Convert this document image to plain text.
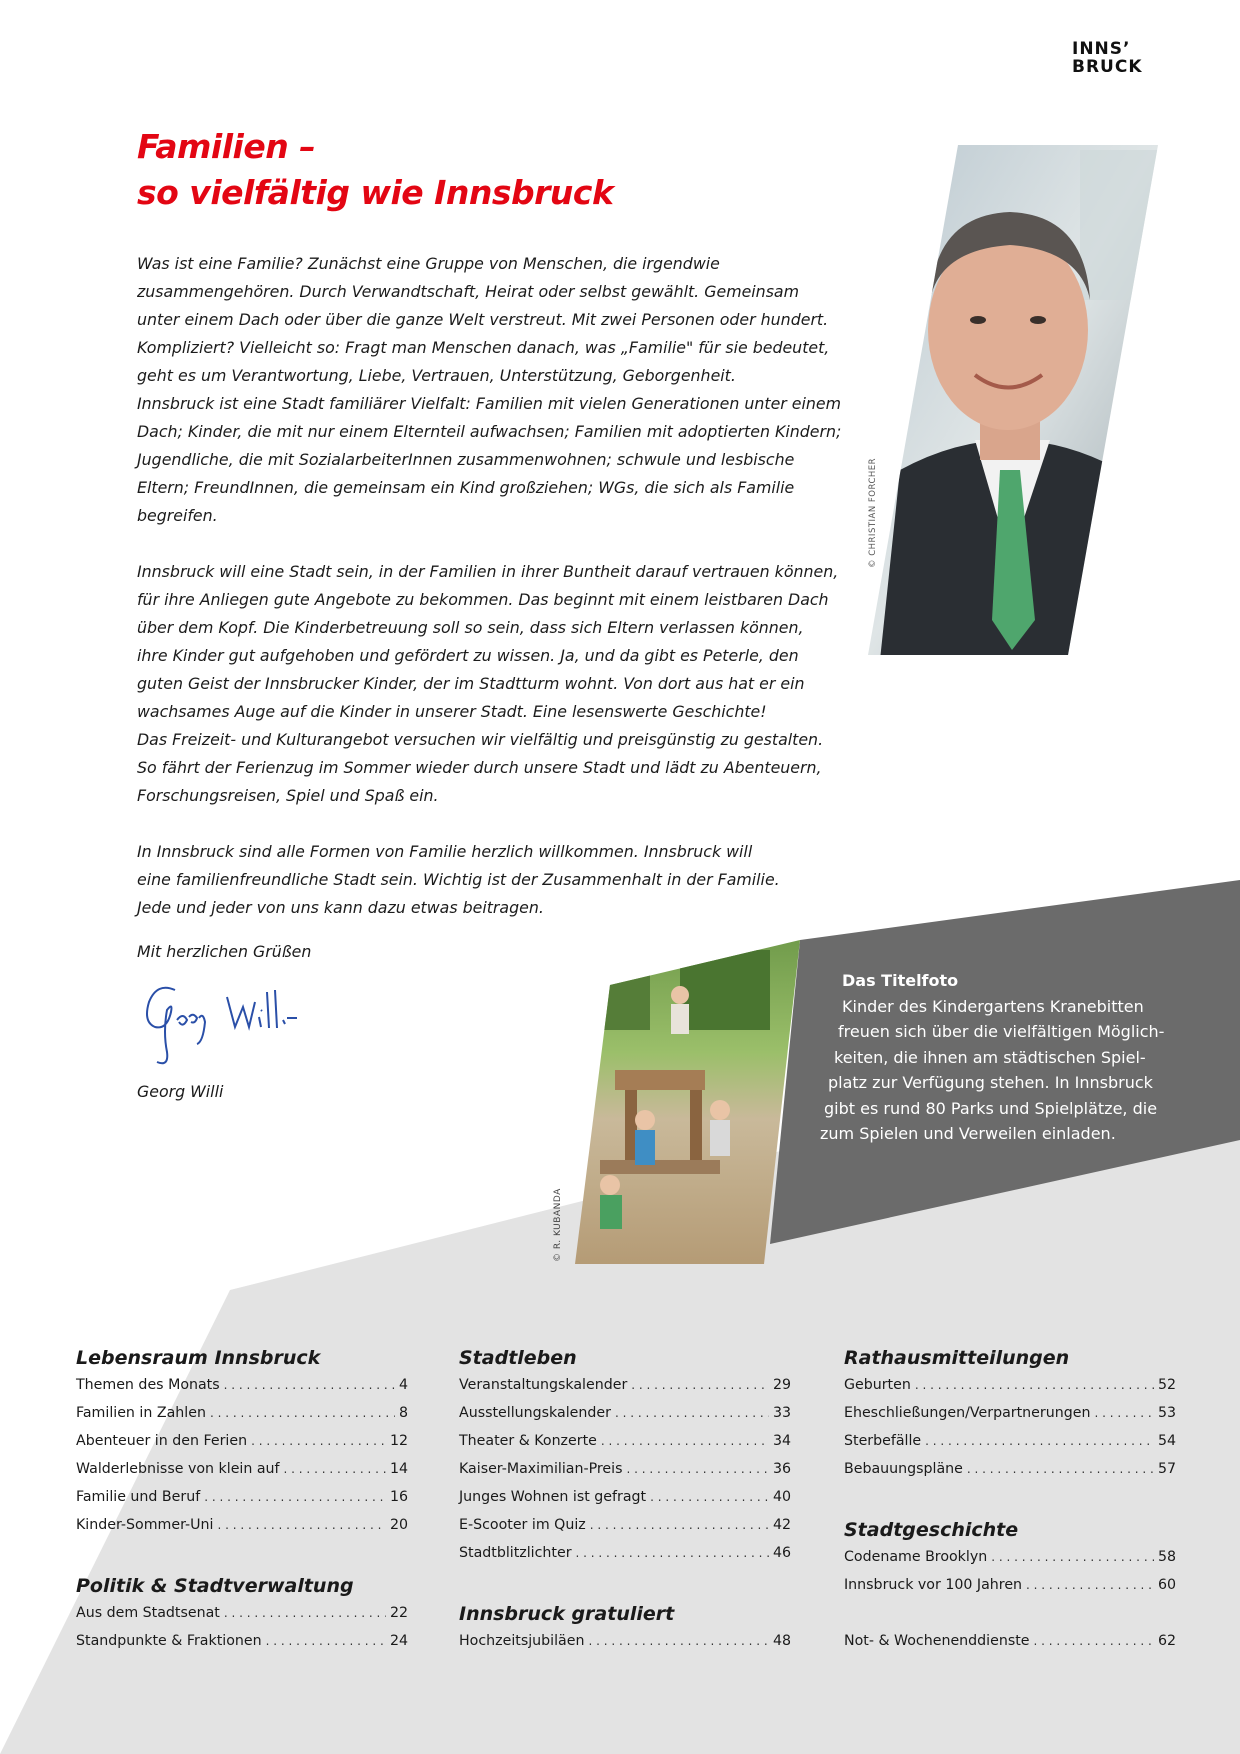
INNS’
BRUCK
Familien –
so vielfältig wie Innsbruck
Was ist eine Familie? Zunächst eine Gruppe von Menschen, die irgendwie
zusammengehören. Durch Verwandtschaft, Heirat oder selbst gewählt. Gemeinsam
unter einem Dach oder über die ganze Welt verstreut. Mit zwei Personen oder hundert.
Kompliziert? Vielleicht so: Fragt man Menschen danach, was „Familie" für sie bedeutet,
geht es um Verantwortung, Liebe, Vertrauen, Unterstützung, Geborgenheit.
Innsbruck ist eine Stadt familiärer Vielfalt: Familien mit vielen Generationen unter einem
Dach; Kinder, die mit nur einem Elternteil aufwachsen; Familien mit adoptierten Kindern;
Jugendliche, die mit SozialarbeiterInnen zusammenwohnen; schwule und lesbische
Eltern; FreundInnen, die gemeinsam ein Kind großziehen; WGs, die sich als Familie
begreifen.
Innsbruck will eine Stadt sein, in der Familien in ihrer Buntheit darauf vertrauen können,
für ihre Anliegen gute Angebote zu bekommen. Das beginnt mit einem leistbaren Dach
über dem Kopf. Die Kinderbetreuung soll so sein, dass sich Eltern verlassen können,
ihre Kinder gut aufgehoben und gefördert zu wissen. Ja, und da gibt es Peterle, den
guten Geist der Innsbrucker Kinder, der im Stadtturm wohnt. Von dort aus hat er ein
wachsames Auge auf die Kinder in unserer Stadt. Eine lesenswerte Geschichte!
Das Freizeit- und Kulturangebot versuchen wir vielfältig und preisgünstig zu gestalten.
So fährt der Ferienzug im Sommer wieder durch unsere Stadt und lädt zu Abenteuern,
Forschungsreisen, Spiel und Spaß ein.
In Innsbruck sind alle Formen von Familie herzlich willkommen. Innsbruck will
eine familienfreundliche Stadt sein. Wichtig ist der Zusammenhalt in der Familie.
Jede und jeder von uns kann dazu etwas beitragen.
Mit herzlichen Grüßen
Georg Willi
© CHRISTIAN FORCHER
© R. KUBANDA
Das Titelfoto
Kinder des Kindergartens Kranebitten
freuen sich über die vielfältigen Möglich-
keiten, die ihnen am städtischen Spiel-
platz zur Verfügung stehen. In Innsbruck
gibt es rund 80 Parks und Spielplätze, die
zum Spielen und Verweilen einladen.
Lebensraum Innsbruck
Themen des Monats . . .	4
Familien in Zahlen . . .	8
Abenteuer in den Ferien . . .	12
Walderlebnisse von klein auf . . .	14
Familie und Beruf . . .	16
Kinder-Sommer-Uni . . .	20
Politik & Stadtverwaltung
Aus dem Stadtsenat . . .	22
Standpunkte & Fraktionen . . .	24
Stadtleben
Veranstaltungskalender . . .	29
Ausstellungskalender . . .	33
Theater & Konzerte . . .	34
Kaiser-Maximilian-Preis . . .	36
Junges Wohnen ist gefragt . . .	40
E-Scooter im Quiz . . .	42
Stadtblitzlichter . . .	46
Innsbruck gratuliert
Hochzeitsjubiläen . . .	48
Rathausmitteilungen
Geburten . . .	52
Eheschließungen/Verpartnerungen . . .	53
Sterbefälle . . .	54
Bebauungspläne . . .	57
Stadtgeschichte
Codename Brooklyn . . .	58
Innsbruck vor 100 Jahren . . .	60
Not- & Wochenenddienste . . .	62
